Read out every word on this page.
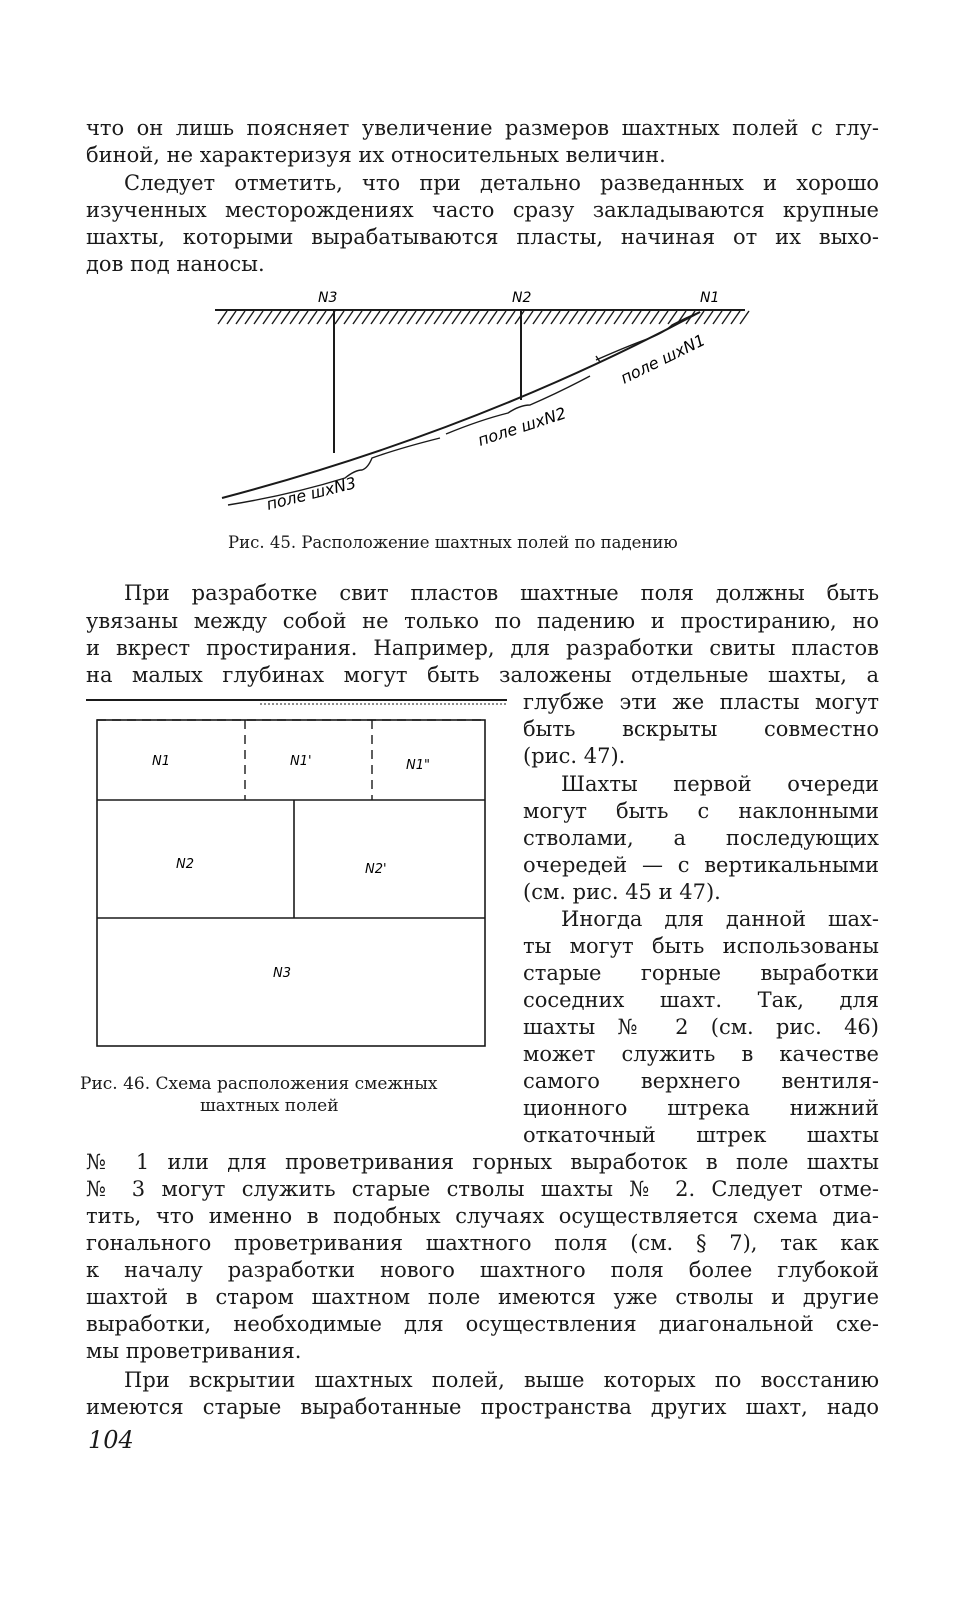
что он лишь поясняет увеличение размеров шахтных полей с глу-
биной, не характеризуя их относительных величин.
Следует отметить, что при детально разведанных и хорошо
изученных месторождениях часто сразу закладываются крупные
шахты, которыми вырабатываются пласты, начиная от их выхо-
дов под наносы.
N3	N2	N1
поле шхN3
поле шхN2
поле шхN1
Рис. 45. Расположение шахтных полей по падению
При разработке свит пластов шахтные поля должны быть
увязаны между собой не только по падению и простиранию, но
и вкрест простирания. Например, для разработки свиты пластов
на малых глубинах могут быть заложены отдельные шахты, а
глубже эти же пласты могут
быть вскрыты совместно
(рис. 47).
Шахты первой очереди
могут быть с наклонными
стволами, а последующих
очередей — с вертикальными
(см. рис. 45 и 47).
Иногда для данной шах-
ты могут быть использованы
старые горные выработки
соседних шахт. Так, для
шахты № 2 (см. рис. 46)
может служить в качестве
самого верхнего вентиля-
ционного штрека нижний
откаточный штрек шахты
N1	N1'	N1"
N2	N2'
N3
Рис. 46. Схема расположения смежных
шахтных полей
№ 1 или для проветривания горных выработок в поле шахты
№ 3 могут служить старые стволы шахты № 2. Следует отме-
тить, что именно в подобных случаях осуществляется схема диа-
гонального проветривания шахтного поля (см. § 7), так как
к началу разработки нового шахтного поля более глубокой
шахтой в старом шахтном поле имеются уже стволы и другие
выработки, необходимые для осуществления диагональной схе-
мы проветривания.
При вскрытии шахтных полей, выше которых по восстанию
имеются старые выработанные пространства других шахт, надо
104
